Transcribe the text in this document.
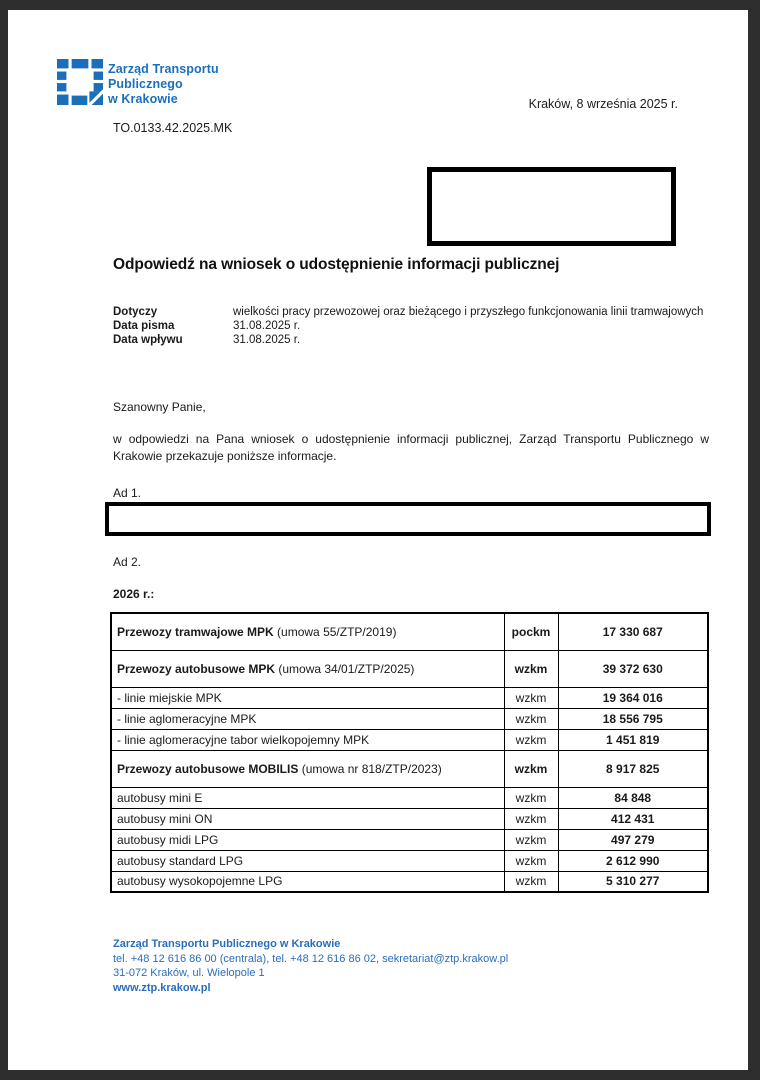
Zarząd Transportu
Publicznego
w Krakowie	Kraków, 8 września 2025 r.
TO.0133.42.2025.MK
Odpowiedź na wniosek o udostępnienie informacji publicznej
Dotyczy	wielkości pracy przewozowej oraz bieżącego i przyszłego funkcjonowania linii tramwajowych
Data pisma	31.08.2025 r.
Data wpływu	31.08.2025 r.
Szanowny Panie,
w odpowiedzi na Pana wniosek o udostępnienie informacji publicznej, Zarząd Transportu Publicznego w Krakowie przekazuje poniższe informacje.
Ad 1.
Ad 2.
2026 r.:
Przewozy tramwajowe MPK (umowa 55/ZTP/2019)	pockm	17 330 687
Przewozy autobusowe MPK (umowa 34/01/ZTP/2025)	wzkm	39 372 630
- linie miejskie MPK	wzkm	19 364 016
- linie aglomeracyjne MPK	wzkm	18 556 795
- linie aglomeracyjne tabor wielkopojemny MPK	wzkm	1 451 819
Przewozy autobusowe MOBILIS (umowa nr 818/ZTP/2023)	wzkm	8 917 825
autobusy mini E	wzkm	84 848
autobusy mini ON	wzkm	412 431
autobusy midi LPG	wzkm	497 279
autobusy standard LPG	wzkm	2 612 990
autobusy wysokopojemne LPG	wzkm	5 310 277
Zarząd Transportu Publicznego w Krakowie
tel. +48 12 616 86 00 (centrala), tel. +48 12 616 86 02, sekretariat@ztp.krakow.pl
31-072 Kraków, ul. Wielopole 1
www.ztp.krakow.pl
